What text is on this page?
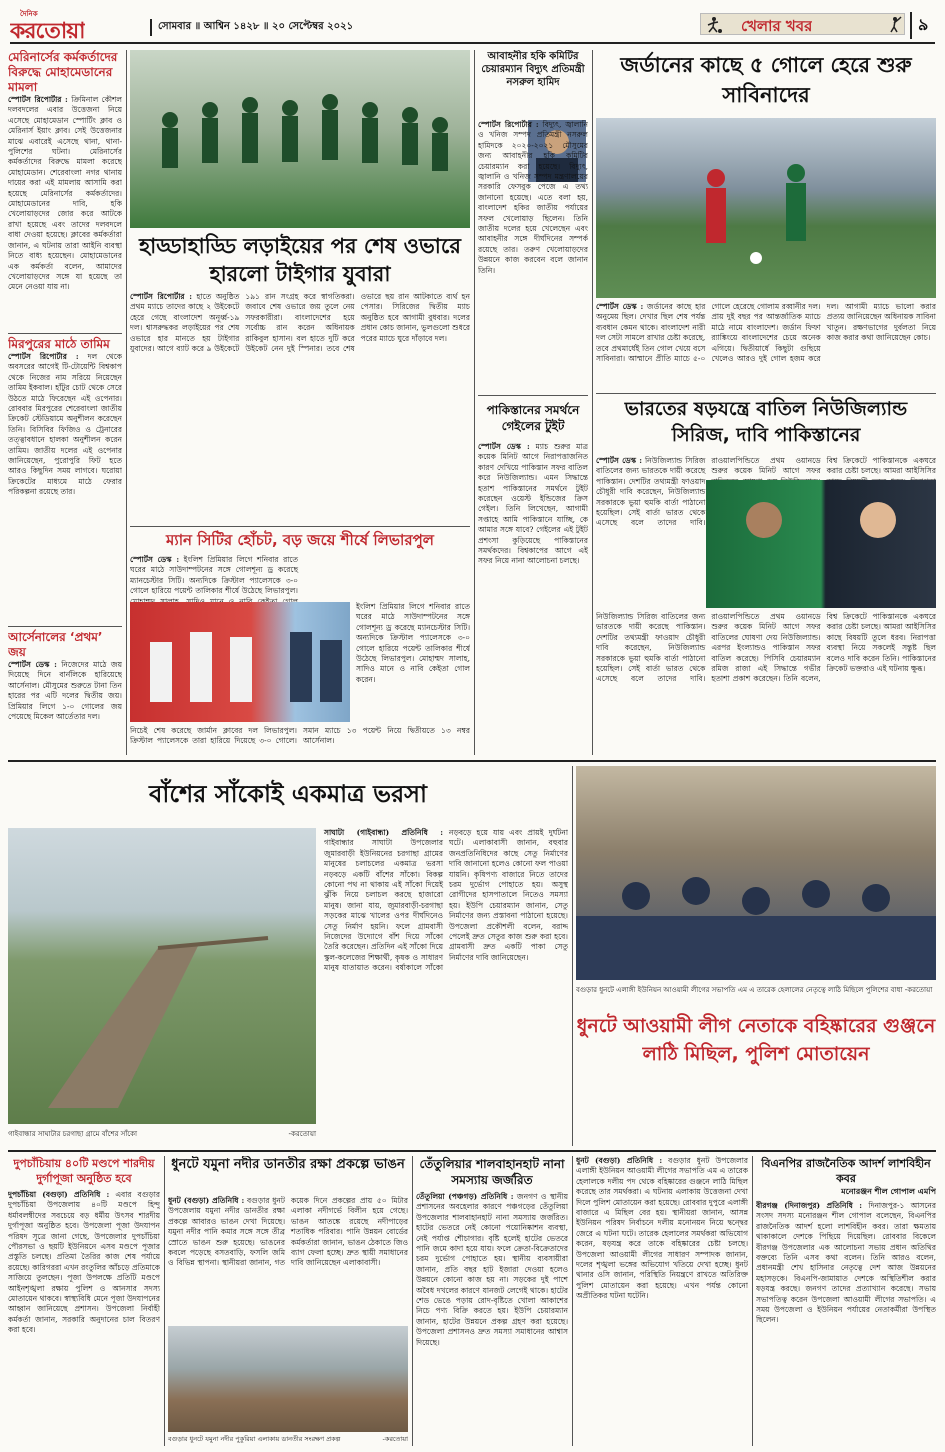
দৈনিক
করতোয়া	সোমবার ॥ আশ্বিন ১৪২৮ ॥ ২০ সেপ্টেম্বর ২০২১	খেলার খবর	৯
মেরিনার্সের কর্মকর্তাদের বিরুদ্ধে মোহামেডানের মামলা
স্পোর্টস রিপোর্টার : ক্রিমিনাল কৌশল দলবদলের এবার উত্তেজনা নিয়ে এসেছে মোহামেডান স্পোর্টিং ক্লাব ও মেরিনার্স ইয়াং ক্লাব। সেই উত্তেজনার মাঝে এবারেই এসেছে থানা, থানা-পুলিশের ঘটনা। মেরিনার্সের কর্মকর্তাদের বিরুদ্ধে মামলা করেছে মোহামেডান। শেরেবাংলা নগর থানায় দায়ের করা এই মামলায় আসামি করা হয়েছে মেরিনার্সের কর্মকর্তাদের। মোহামেডানের দাবি, হকি খেলোয়াড়দের জোর করে আটকে রাখা হয়েছে এবং তাদের দলবদলে বাধা দেওয়া হয়েছে। ক্লাবের কর্মকর্তারা জানান, এ ঘটনায় তারা আইনি ব্যবস্থা নিতে বাধ্য হয়েছেন। মোহামেডানের এক কর্মকর্তা বলেন, আমাদের খেলোয়াড়দের সঙ্গে যা হয়েছে তা মেনে নেওয়া যায় না।
মিরপুরের মাঠে তামিম
স্পোর্টস রিপোর্টার : দল থেকে অবসরের আগেই টি-টোয়েন্টি বিশ্বকাপ থেকে নিজের নাম সরিয়ে নিয়েছেন তামিম ইকবাল। হাঁটুর চোট থেকে সেরে উঠতে মাঠে ফিরেছেন এই ওপেনার। রোববার মিরপুরের শেরেবাংলা জাতীয় ক্রিকেট স্টেডিয়ামে অনুশীলন করেছেন তিনি। বিসিবির ফিজিও ও ট্রেনারের তত্ত্বাবধানে হালকা অনুশীলন করেন তামিম। জাতীয় দলের এই ওপেনার জানিয়েছেন, পুরোপুরি ফিট হতে আরও কিছুদিন সময় লাগবে। ঘরোয়া ক্রিকেটের মাধ্যমে মাঠে ফেরার পরিকল্পনা রয়েছে তার।
আর্সেনালের ‘প্রথম’ জয়
স্পোর্টস ডেস্ক : নিজেদের মাঠে জয় দিয়েছে দিনে বার্নলিকে হারিয়েছে আর্সেনাল। মৌসুমের শুরুতে টানা তিন হারের পর এটি দলের দ্বিতীয় জয়। প্রিমিয়ার লিগে ১-০ গোলের জয় পেয়েছে মিকেল আর্তেতার দল।
হাড্ডাহাড্ডি লড়াইয়ের পর শেষ ওভারে হারলো টাইগার যুবারা
স্পোর্টস রিপোর্টার : হাতে অনুষ্ঠিত প্রথম ম্যাচে তাদের কাছে ২ উইকেটে হেরে গেছে বাংলাদেশ অনূর্ধ্ব-১৯ দল। শ্বাসরুদ্ধকর লড়াইয়ের পর শেষ ওভারে হার মানতে হয় টাইগার যুবাদের। আগে ব্যাট করে ৯ উইকেটে ১৯১ রান সংগ্রহ করে স্বাগতিকরা। জবাবে শেষ ওভারে জয় তুলে নেয় সফরকারীরা। বাংলাদেশের হয়ে সর্বোচ্চ রান করেন অধিনায়ক রাকিবুল হাসান। বল হাতে দুটি করে উইকেট নেন দুই স্পিনার। তবে শেষ ওভারে ছয় রান আটকাতে ব্যর্থ হন পেসার। সিরিজের দ্বিতীয় ম্যাচ অনুষ্ঠিত হবে আগামী বুধবার। দলের প্রধান কোচ জানান, ভুলগুলো শুধরে পরের ম্যাচে ঘুরে দাঁড়াবে দল।
ম্যান সিটির হোঁচট, বড় জয়ে শীর্ষে লিভারপুল
স্পোর্টস ডেস্ক : ইংলিশ প্রিমিয়ার লিগে শনিবার রাতে ঘরের মাঠে সাউদাম্পটনের সঙ্গে গোলশূন্য ড্র করেছে ম্যানচেস্টার সিটি। অন্যদিকে ক্রিস্টাল প্যালেসকে ৩-০ গোলে হারিয়ে পয়েন্ট তালিকার শীর্ষে উঠেছে লিভারপুল।
ইংলিশ প্রিমিয়ার লিগে শনিবার রাতে ঘরের মাঠে সাউদাম্পটনের সঙ্গে গোলশূন্য ড্র করেছে ম্যানচেস্টার সিটি। অন্যদিকে ক্রিস্টাল প্যালেসকে ৩-০ গোলে হারিয়ে পয়েন্ট তালিকার শীর্ষে উঠেছে লিভারপুল। মোহাম্মদ সালাহ, সাদিও মানে ও নাবি কেইতা গোল করেন।
নিচেই শেষ করেছে জার্মান ক্লাবের দল লিভারপুল। ক্রিস্টাল প্যালেসকে তারা হারিয়ে দিয়েছে ৩-০ গোলে। সমান ম্যাচে ১৩ পয়েন্ট নিয়ে দ্বিতীয়তে ১৩ নম্বর আর্সেনাল।
আবাহনীর হকি কমিটির চেয়ারম্যান বিদ্যুৎ প্রতিমন্ত্রী নসরুল হামিদ
স্পোর্টস রিপোর্টার : বিদ্যুৎ, জ্বালানি ও খনিজ সম্পদ প্রতিমন্ত্রী নসরুল হামিদকে ২০২০-২০২১ মৌসুমের জন্য আবাহনীর হকি কমিটির চেয়ারম্যান করা হয়েছে। বিদ্যুৎ, জ্বালানি ও খনিজ সম্পদ মন্ত্রণালয়ের সরকারি ফেসবুক পেজে এ তথ্য জানানো হয়েছে। এতে বলা হয়, বাংলাদেশ হকির জাতীয় পর্যায়ের সফল খেলোয়াড় ছিলেন। তিনি জাতীয় দলের হয়ে খেলেছেন এবং আবাহনীর সঙ্গে দীর্ঘদিনের সম্পর্ক রয়েছে তার। তরুণ খেলোয়াড়দের উন্নয়নে কাজ করবেন বলে জানান তিনি।
পাকিস্তানের সমর্থনে গেইলের টুইট
স্পোর্টস ডেস্ক : ম্যাচ শুরুর মাত্র কয়েক মিনিট আগে নিরাপত্তাজনিত কারণ দেখিয়ে পাকিস্তান সফর বাতিল করে নিউজিল্যান্ড। এমন সিদ্ধান্তে হতাশ পাকিস্তানের সমর্থনে টুইট করেছেন ওয়েস্ট ইন্ডিজের ক্রিস গেইল। তিনি লিখেছেন, আগামী সপ্তাহে আমি পাকিস্তানে যাচ্ছি, কে আমার সঙ্গে যাবে? গেইলের এই টুইট প্রশংসা কুড়িয়েছে পাকিস্তানের সমর্থকদের। বিশ্বকাপের আগে এই সফর নিয়ে নানা আলোচনা চলছে।
জর্ডানের কাছে ৫ গোলে হেরে শুরু সাবিনাদের
স্পোর্টস ডেস্ক : জর্ডানের কাছে হার অনুমেয় ছিল। দেখার ছিল শেষ পর্যন্ত ব্যবধান কেমন থাকে। বাংলাদেশ নারী দল সেটা সামলে রাখার চেষ্টা করেছে, তবে প্রথমার্ধেই তিন গোল খেয়ে বসে সাবিনারা। আম্মানে প্রীতি ম্যাচে ৫-০ গোলে হেরেছে গোলাম রব্বানীর দল। প্রায় দুই বছর পর আন্তর্জাতিক ম্যাচে মাঠে নামে বাংলাদেশ। জর্ডান ফিফা র‍্যাঙ্কিংয়ে বাংলাদেশের চেয়ে অনেক এগিয়ে। দ্বিতীয়ার্ধে কিছুটা গুছিয়ে খেলেও আরও দুই গোল হজম করে দল। আগামী ম্যাচে ভালো করার প্রত্যয় জানিয়েছেন অধিনায়ক সাবিনা খাতুন। রক্ষণভাগের দুর্বলতা নিয়ে কাজ করার কথা জানিয়েছেন কোচ।
ভারতের ষড়যন্ত্রে বাতিল নিউজিল্যান্ড সিরিজ, দাবি পাকিস্তানের
স্পোর্টস ডেস্ক : নিউজিল্যান্ড সিরিজ বাতিলের জন্য ভারতকে দায়ী করেছে পাকিস্তান। দেশটির তথ্যমন্ত্রী ফাওয়াদ চৌধুরী দাবি করেছেন, নিউজিল্যান্ড সরকারকে ভুয়া হুমকি বার্তা পাঠানো হয়েছিল। সেই বার্তা ভারত থেকে এসেছে বলে তাদের দাবি। রাওয়ালপিন্ডিতে প্রথম ওয়ানডে শুরুর কয়েক মিনিট আগে সফর বিশ্ব ক্রিকেটে পাকিস্তানকে একঘরে করার চেষ্টা চলছে। আমরা আইসিসির
নিউজিল্যান্ড সিরিজ বাতিলের জন্য ভারতকে দায়ী করেছে পাকিস্তান। দেশটির তথ্যমন্ত্রী ফাওয়াদ চৌধুরী দাবি করেছেন, নিউজিল্যান্ড সরকারকে ভুয়া হুমকি বার্তা পাঠানো হয়েছিল। সেই বার্তা ভারত থেকে এসেছে বলে তাদের দাবি। রাওয়ালপিন্ডিতে প্রথম ওয়ানডে শুরুর কয়েক মিনিট আগে সফর বাতিলের ঘোষণা দেয় নিউজিল্যান্ড। এরপর ইংল্যান্ডও পাকিস্তান সফর বাতিল করেছে। পিসিবি চেয়ারম্যান রমিজ রাজা এই সিদ্ধান্তে গভীর হতাশা প্রকাশ করেছেন। তিনি বলেন, বিশ্ব ক্রিকেটে পাকিস্তানকে একঘরে করার চেষ্টা চলছে। আমরা আইসিসির কাছে বিষয়টি তুলে ধরব। নিরাপত্তা ব্যবস্থা নিয়ে সকলেই সন্তুষ্ট ছিল বলেও দাবি করেন তিনি। পাকিস্তানের ক্রিকেট ভক্তরাও এই ঘটনায় ক্ষুব্ধ।
বাঁশের সাঁকোই একমাত্র ভরসা
গাইবান্ধার সাঘাটার চরগাছা গ্রামে বাঁশের সাঁকো	-করতোয়া
সাঘাটা (গাইবান্ধা) প্রতিনিধি : গাইবান্ধার সাঘাটা উপজেলার জুমারবাড়ী ইউনিয়নের চরগাছা গ্রামের মানুষের চলাচলের একমাত্র ভরসা নড়বড়ে একটি বাঁশের সাঁকো। বিকল্প কোনো পথ না থাকায় এই সাঁকো দিয়েই ঝুঁকি নিয়ে চলাচল করছে হাজারো মানুষ। জানা যায়, জুমারবাড়ী-চরগাছা সড়কের মাঝে খালের ওপর দীর্ঘদিনেও সেতু নির্মাণ হয়নি। ফলে গ্রামবাসী নিজেদের উদ্যোগে বাঁশ দিয়ে সাঁকো তৈরি করেছেন। প্রতিদিন এই সাঁকো দিয়ে স্কুল-কলেজের শিক্ষার্থী, কৃষক ও সাধারণ মানুষ যাতায়াত করেন। বর্ষাকালে সাঁকো নড়বড়ে হয়ে যায় এবং প্রায়ই দুর্ঘটনা ঘটে। এলাকাবাসী জানান, বহুবার জনপ্রতিনিধিদের কাছে সেতু নির্মাণের দাবি জানানো হলেও কোনো ফল পাওয়া যায়নি। কৃষিপণ্য বাজারে নিতে তাদের চরম দুর্ভোগ পোহাতে হয়। অসুস্থ রোগীদের হাসপাতালে নিতেও সমস্যা হয়। ইউপি চেয়ারম্যান জানান, সেতু নির্মাণের জন্য প্রস্তাবনা পাঠানো হয়েছে। উপজেলা প্রকৌশলী বলেন, বরাদ্দ পেলেই দ্রুত সেতুর কাজ শুরু করা হবে। গ্রামবাসী দ্রুত একটি পাকা সেতু নির্মাণের দাবি জানিয়েছেন।
বগুড়ার ধুনটে এলাঙ্গী ইউনিয়ন আওয়ামী লীগের সভাপতি এম এ তারেক হেলালের নেতৃত্বে লাঠি মিছিলে পুলিশের বাধা -করতোয়া
ধুনটে আওয়ামী লীগ নেতাকে বহিষ্কারের গুঞ্জনে লাঠি মিছিল, পুলিশ মোতায়েন
দুপচাঁচিয়ায় ৪০টি মণ্ডপে শারদীয় দুর্গাপূজা অনুষ্ঠিত হবে
দুপচাঁচিয়া (বগুড়া) প্রতিনিধি : এবার বগুড়ার দুপচাঁচিয়া উপজেলায় ৪০টি মণ্ডপে হিন্দু ধর্মাবলম্বীদের সবচেয়ে বড় ধর্মীয় উৎসব শারদীয় দুর্গাপূজা অনুষ্ঠিত হবে। উপজেলা পূজা উদযাপন পরিষদ সূত্রে জানা গেছে, উপজেলার দুপচাঁচিয়া পৌরসভা ও ছয়টি ইউনিয়নে এসব মণ্ডপে পূজার প্রস্তুতি চলছে। প্রতিমা তৈরির কাজ শেষ পর্যায়ে রয়েছে। কারিগররা এখন রংতুলির আঁচড়ে প্রতিমাকে সাজিয়ে তুলছেন। পূজা উপলক্ষে প্রতিটি মণ্ডপে আইনশৃঙ্খলা রক্ষায় পুলিশ ও আনসার সদস্য মোতায়েন থাকবে। স্বাস্থ্যবিধি মেনে পূজা উদযাপনের আহ্বান জানিয়েছে প্রশাসন। উপজেলা নির্বাহী কর্মকর্তা জানান, সরকারি অনুদানের চাল বিতরণ করা হবে।
ধুনটে যমুনা নদীর ডানতীর রক্ষা প্রকল্পে ভাঙন
ধুনট (বগুড়া) প্রতিনিধি : বগুড়ার ধুনট উপজেলায় যমুনা নদীর ডানতীর রক্ষা প্রকল্পে আবারও ভাঙন দেখা দিয়েছে। যমুনা নদীর পানি কমার সঙ্গে সঙ্গে তীব্র স্রোতে ভাঙন শুরু হয়েছে। ভাঙনের কবলে পড়েছে বসতবাড়ি, ফসলি জমি ও বিভিন্ন স্থাপনা। স্থানীয়রা জানান, গত কয়েক দিনে প্রকল্পের প্রায় ৫০ মিটার এলাকা নদীগর্ভে বিলীন হয়ে গেছে। ভাঙন আতঙ্কে রয়েছে নদীপাড়ের শতাধিক পরিবার। পানি উন্নয়ন বোর্ডের কর্মকর্তারা জানান, ভাঙন ঠেকাতে জিও ব্যাগ ফেলা হচ্ছে। দ্রুত স্থায়ী সমাধানের দাবি জানিয়েছেন এলাকাবাসী।
বগুড়ার ধুনটে যমুনা নদীর পুকুরিয়া এলাকায় ডানতীর সংরক্ষণ প্রকল্প	-করতোয়া
তেঁতুলিয়ার শালবাহানহাট নানা সমস্যায় জর্জরিত
তেঁতুলিয়া (পঞ্চগড়) প্রতিনিধি : জনগণ ও স্থানীয় প্রশাসনের অবহেলার কারণে পঞ্চগড়ের তেঁতুলিয়া উপজেলার শালবাহানহাট নানা সমস্যায় জর্জরিত। হাটের ভেতরে নেই কোনো পয়োনিষ্কাশন ব্যবস্থা, নেই পর্যাপ্ত শৌচাগার। বৃষ্টি হলেই হাটের ভেতরে পানি জমে কাদা হয়ে যায়। ফলে ক্রেতা-বিক্রেতাদের চরম দুর্ভোগ পোহাতে হয়। স্থানীয় ব্যবসায়ীরা জানান, প্রতি বছর হাট ইজারা দেওয়া হলেও উন্নয়নে কোনো কাজ হয় না। সড়কের দুই পাশে অবৈধ দখলের কারণে যানজট লেগেই থাকে। হাটের শেড ভেঙে পড়ায় রোদ-বৃষ্টিতে খোলা আকাশের নিচে পণ্য বিক্রি করতে হয়। ইউপি চেয়ারম্যান জানান, হাটের উন্নয়নে প্রকল্প গ্রহণ করা হয়েছে। উপজেলা প্রশাসনও দ্রুত সমস্যা সমাধানের আশ্বাস দিয়েছে।
ধুনট (বগুড়া) প্রতিনিধি : বগুড়ার ধুনট উপজেলার এলাঙ্গী ইউনিয়ন আওয়ামী লীগের সভাপতি এম এ তারেক হেলালকে দলীয় পদ থেকে বহিষ্কারের গুঞ্জনে লাঠি মিছিল করেছে তার সমর্থকরা। এ ঘটনায় এলাকায় উত্তেজনা দেখা দিলে পুলিশ মোতায়েন করা হয়েছে। রোববার দুপুরে এলাঙ্গী বাজারে এ মিছিল বের হয়। স্থানীয়রা জানান, আসন্ন ইউনিয়ন পরিষদ নির্বাচনে দলীয় মনোনয়ন নিয়ে দ্বন্দ্বের জেরে এ ঘটনা ঘটে। তারেক হেলালের সমর্থকরা অভিযোগ করেন, ষড়যন্ত্র করে তাকে বহিষ্কারের চেষ্টা চলছে। উপজেলা আওয়ামী লীগের সাধারণ সম্পাদক জানান, দলের শৃঙ্খলা ভঙ্গের অভিযোগ খতিয়ে দেখা হচ্ছে। ধুনট থানার ওসি জানান, পরিস্থিতি নিয়ন্ত্রণে রাখতে অতিরিক্ত পুলিশ মোতায়েন করা হয়েছে। এখন পর্যন্ত কোনো অপ্রীতিকর ঘটনা ঘটেনি।
বিএনপির রাজনৈতিক আদর্শ লাশবিহীন কবর
মনোরঞ্জন শীল গোপাল এমপি
বীরগঞ্জ (দিনাজপুর) প্রতিনিধি : দিনাজপুর-১ আসনের সংসদ সদস্য মনোরঞ্জন শীল গোপাল বলেছেন, বিএনপির রাজনৈতিক আদর্শ হলো লাশবিহীন কবর। তারা ক্ষমতায় থাকাকালে দেশকে পিছিয়ে দিয়েছিল। রোববার বিকেলে বীরগঞ্জ উপজেলার এক আলোচনা সভায় প্রধান অতিথির বক্তব্যে তিনি এসব কথা বলেন। তিনি আরও বলেন, প্রধানমন্ত্রী শেখ হাসিনার নেতৃত্বে দেশ আজ উন্নয়নের মহাসড়কে। বিএনপি-জামায়াত দেশকে অস্থিতিশীল করার ষড়যন্ত্র করছে। জনগণ তাদের প্রত্যাখ্যান করেছে। সভায় সভাপতিত্ব করেন উপজেলা আওয়ামী লীগের সভাপতি। এ সময় উপজেলা ও ইউনিয়ন পর্যায়ের নেতাকর্মীরা উপস্থিত ছিলেন।
